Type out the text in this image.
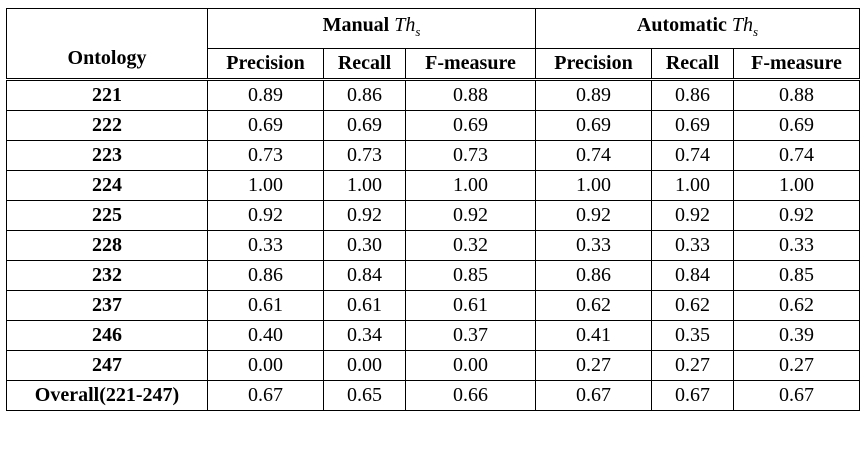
Ontology	Manual $Th_s$			Automatic $Th_s$
	Precision	Recall	F-measure	Precision	Recall	F-measure
221	0.89	0.86	0.88	0.89	0.86	0.88
222	0.69	0.69	0.69	0.69	0.69	0.69
223	0.73	0.73	0.73	0.74	0.74	0.74
224	1.00	1.00	1.00	1.00	1.00	1.00
225	0.92	0.92	0.92	0.92	0.92	0.92
228	0.33	0.30	0.32	0.33	0.33	0.33
232	0.86	0.84	0.85	0.86	0.84	0.85
237	0.61	0.61	0.61	0.62	0.62	0.62
246	0.40	0.34	0.37	0.41	0.35	0.39
247	0.00	0.00	0.00	0.27	0.27	0.27
Overall(221-247)	0.67	0.65	0.66	0.67	0.67	0.67
